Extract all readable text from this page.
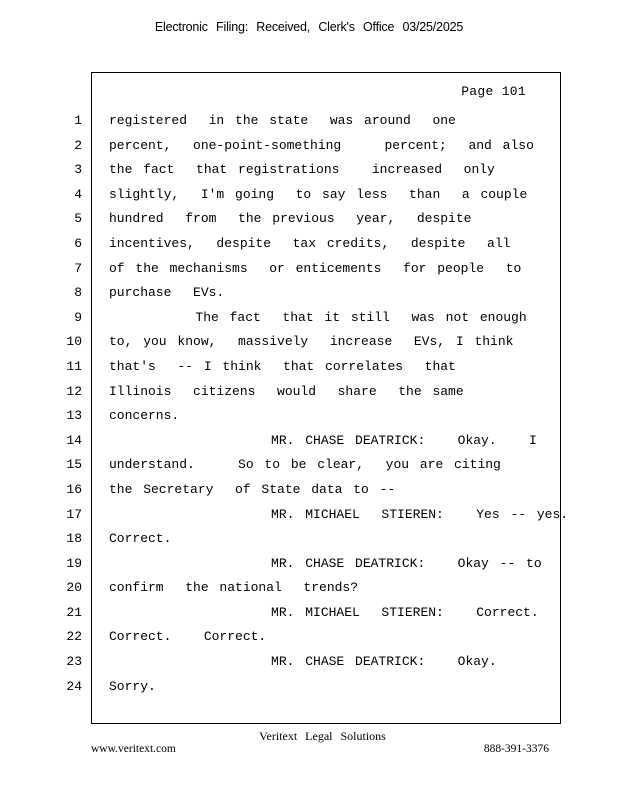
Electronic Filing: Received, Clerk's Office 03/25/2025
Page 101
1 registered  in the state  was around  one
2 percent,  one-point-something    percent;  and also
3 the fact  that registrations   increased  only
4 slightly,  I'm going  to say less  than  a couple
5 hundred  from  the previous  year,  despite
6 incentives,  despite  tax credits,  despite  all
7 of the mechanisms  or enticements  for people  to
8 purchase  EVs.
9 The fact  that it still  was not enough
10 to, you know,  massively  increase  EVs, I think
11 that's  -- I think  that correlates  that
12 Illinois  citizens  would  share  the same
13 concerns.
14 MR. CHASE DEATRICK:   Okay.   I
15 understand.    So to be clear,  you are citing
16 the Secretary  of State data to --
17 MR. MICHAEL  STIEREN:   Yes -- yes.
18 Correct.
19 MR. CHASE DEATRICK:   Okay -- to
20 confirm  the national  trends?
21 MR. MICHAEL  STIEREN:   Correct.
22 Correct.   Correct.
23 MR. CHASE DEATRICK:   Okay.
24 Sorry.
Veritext Legal Solutions
www.veritext.com	888-391-3376
